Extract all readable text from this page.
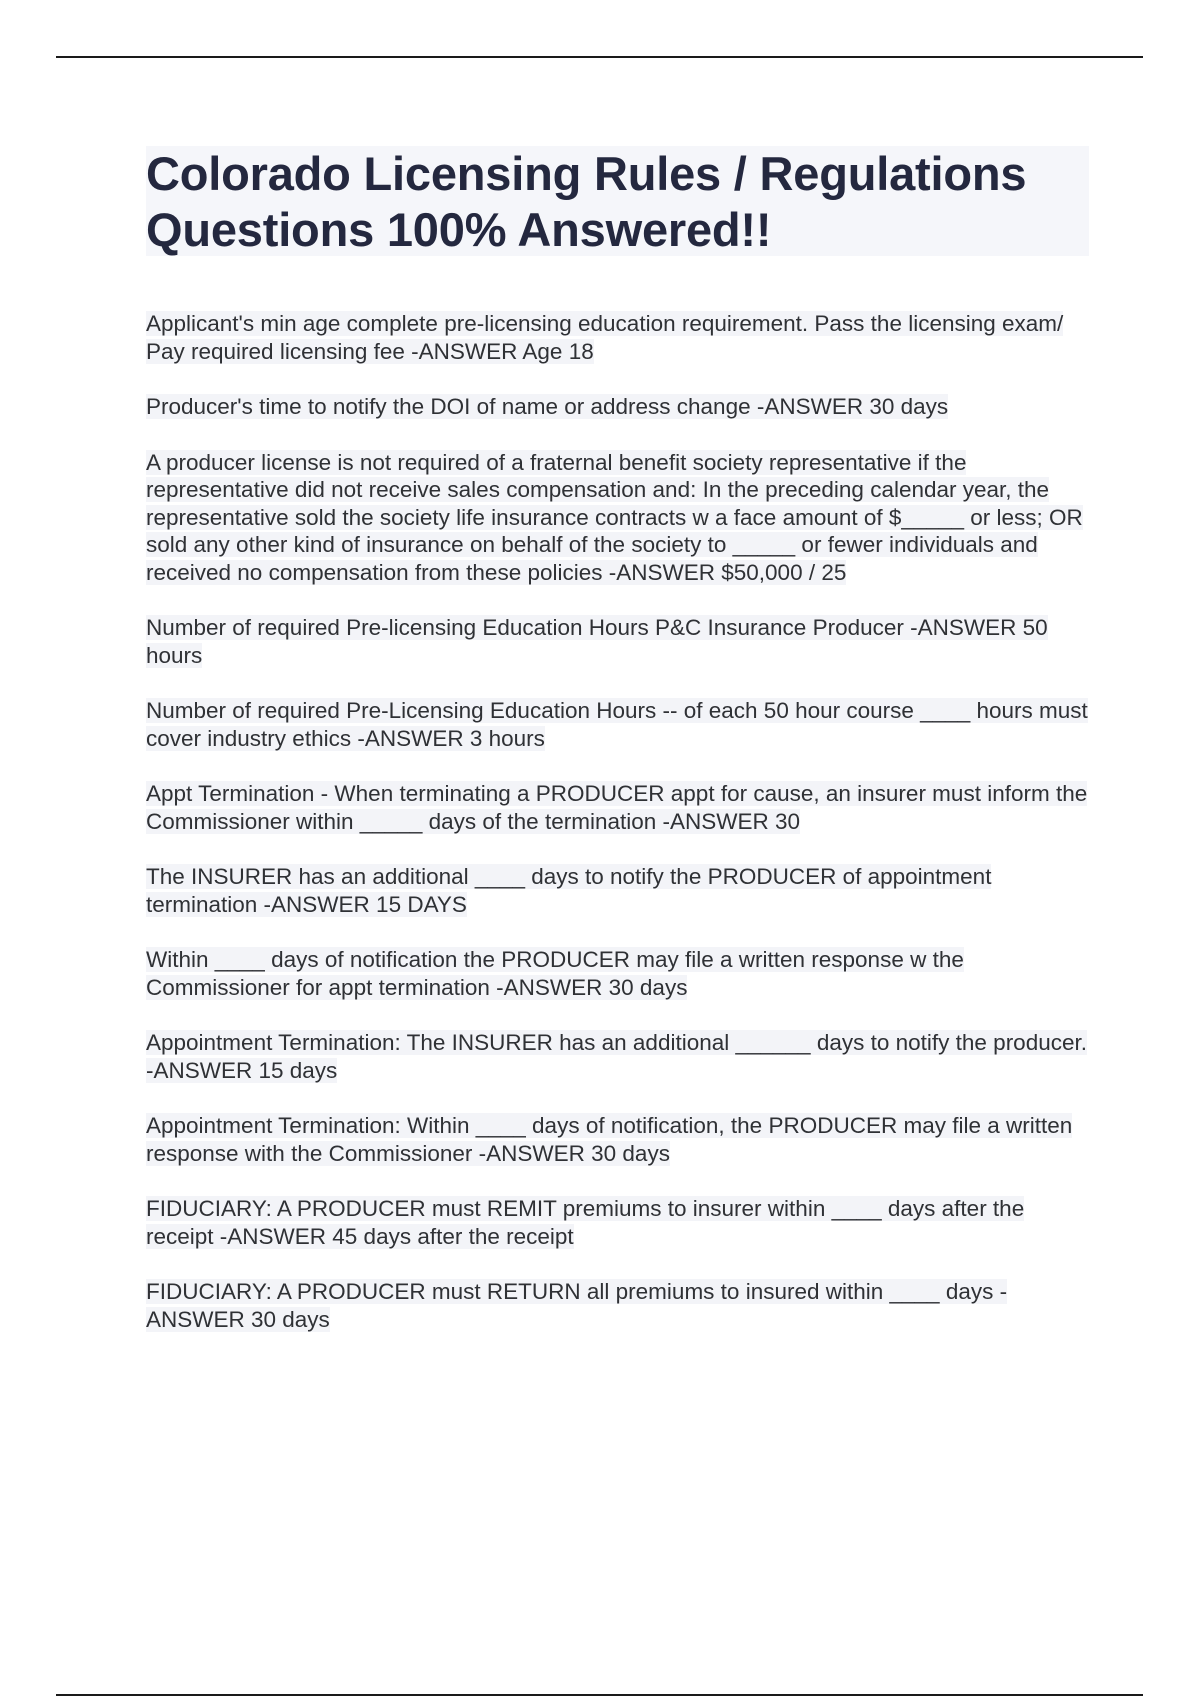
Colorado Licensing Rules / Regulations Questions 100% Answered!!

Applicant's min age complete pre-licensing education requirement. Pass the licensing exam/ Pay required licensing fee -ANSWER Age 18

Producer's time to notify the DOI of name or address change -ANSWER 30 days

A producer license is not required of a fraternal benefit society representative if the representative did not receive sales compensation and: In the preceding calendar year, the representative sold the society life insurance contracts w a face amount of $_____ or less; OR sold any other kind of insurance on behalf of the society to _____ or fewer individuals and received no compensation from these policies -ANSWER $50,000 / 25

Number of required Pre-licensing Education Hours P&C Insurance Producer -ANSWER 50 hours

Number of required Pre-Licensing Education Hours -- of each 50 hour course ____ hours must cover industry ethics -ANSWER 3 hours

Appt Termination - When terminating a PRODUCER appt for cause, an insurer must inform the Commissioner within _____ days of the termination -ANSWER 30

The INSURER has an additional ____ days to notify the PRODUCER of appointment termination -ANSWER 15 DAYS

Within ____ days of notification the PRODUCER may file a written response w the Commissioner for appt termination -ANSWER 30 days

Appointment Termination: The INSURER has an additional ______ days to notify the producer. -ANSWER 15 days

Appointment Termination: Within ____ days of notification, the PRODUCER may file a written response with the Commissioner -ANSWER 30 days

FIDUCIARY: A PRODUCER must REMIT premiums to insurer within ____ days after the receipt -ANSWER 45 days after the receipt

FIDUCIARY: A PRODUCER must RETURN all premiums to insured within ____ days -ANSWER 30 days
